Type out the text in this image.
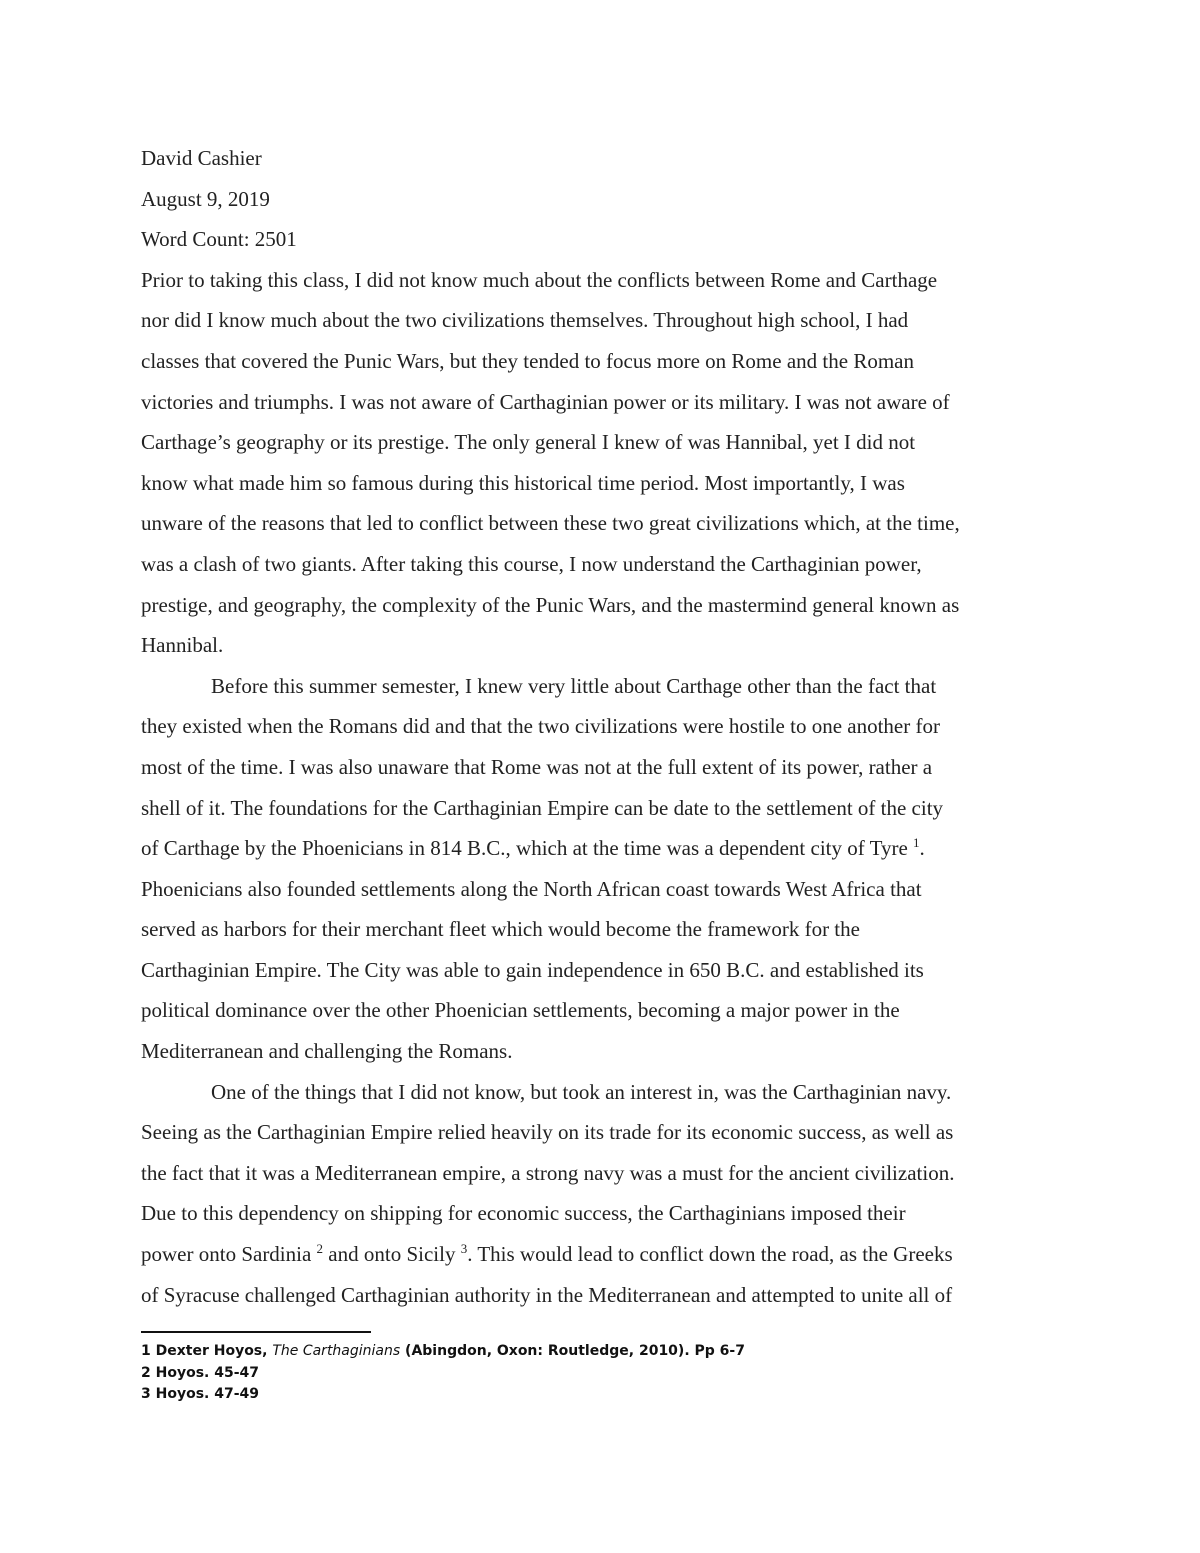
David Cashier
August 9, 2019
Word Count: 2501
Prior to taking this class, I did not know much about the conflicts between Rome and Carthage
nor did I know much about the two civilizations themselves. Throughout high school, I had
classes that covered the Punic Wars, but they tended to focus more on Rome and the Roman
victories and triumphs. I was not aware of Carthaginian power or its military. I was not aware of
Carthage’s geography or its prestige. The only general I knew of was Hannibal, yet I did not
know what made him so famous during this historical time period. Most importantly, I was
unware of the reasons that led to conflict between these two great civilizations which, at the time,
was a clash of two giants. After taking this course, I now understand the Carthaginian power,
prestige, and geography, the complexity of the Punic Wars, and the mastermind general known as
Hannibal.
Before this summer semester, I knew very little about Carthage other than the fact that
they existed when the Romans did and that the two civilizations were hostile to one another for
most of the time. I was also unaware that Rome was not at the full extent of its power, rather a
shell of it. The foundations for the Carthaginian Empire can be date to the settlement of the city
of Carthage by the Phoenicians in 814 B.C., which at the time was a dependent city of Tyre $^1$.
Phoenicians also founded settlements along the North African coast towards West Africa that
served as harbors for their merchant fleet which would become the framework for the
Carthaginian Empire. The City was able to gain independence in 650 B.C. and established its
political dominance over the other Phoenician settlements, becoming a major power in the
Mediterranean and challenging the Romans.
One of the things that I did not know, but took an interest in, was the Carthaginian navy.
Seeing as the Carthaginian Empire relied heavily on its trade for its economic success, as well as
the fact that it was a Mediterranean empire, a strong navy was a must for the ancient civilization.
Due to this dependency on shipping for economic success, the Carthaginians imposed their
power onto Sardinia $^2$ and onto Sicily $^3$. This would lead to conflict down the road, as the Greeks
of Syracuse challenged Carthaginian authority in the Mediterranean and attempted to unite all of
1 Dexter Hoyos, The Carthaginians (Abingdon, Oxon: Routledge, 2010). Pp 6-7
2 Hoyos. 45-47
3 Hoyos. 47-49
